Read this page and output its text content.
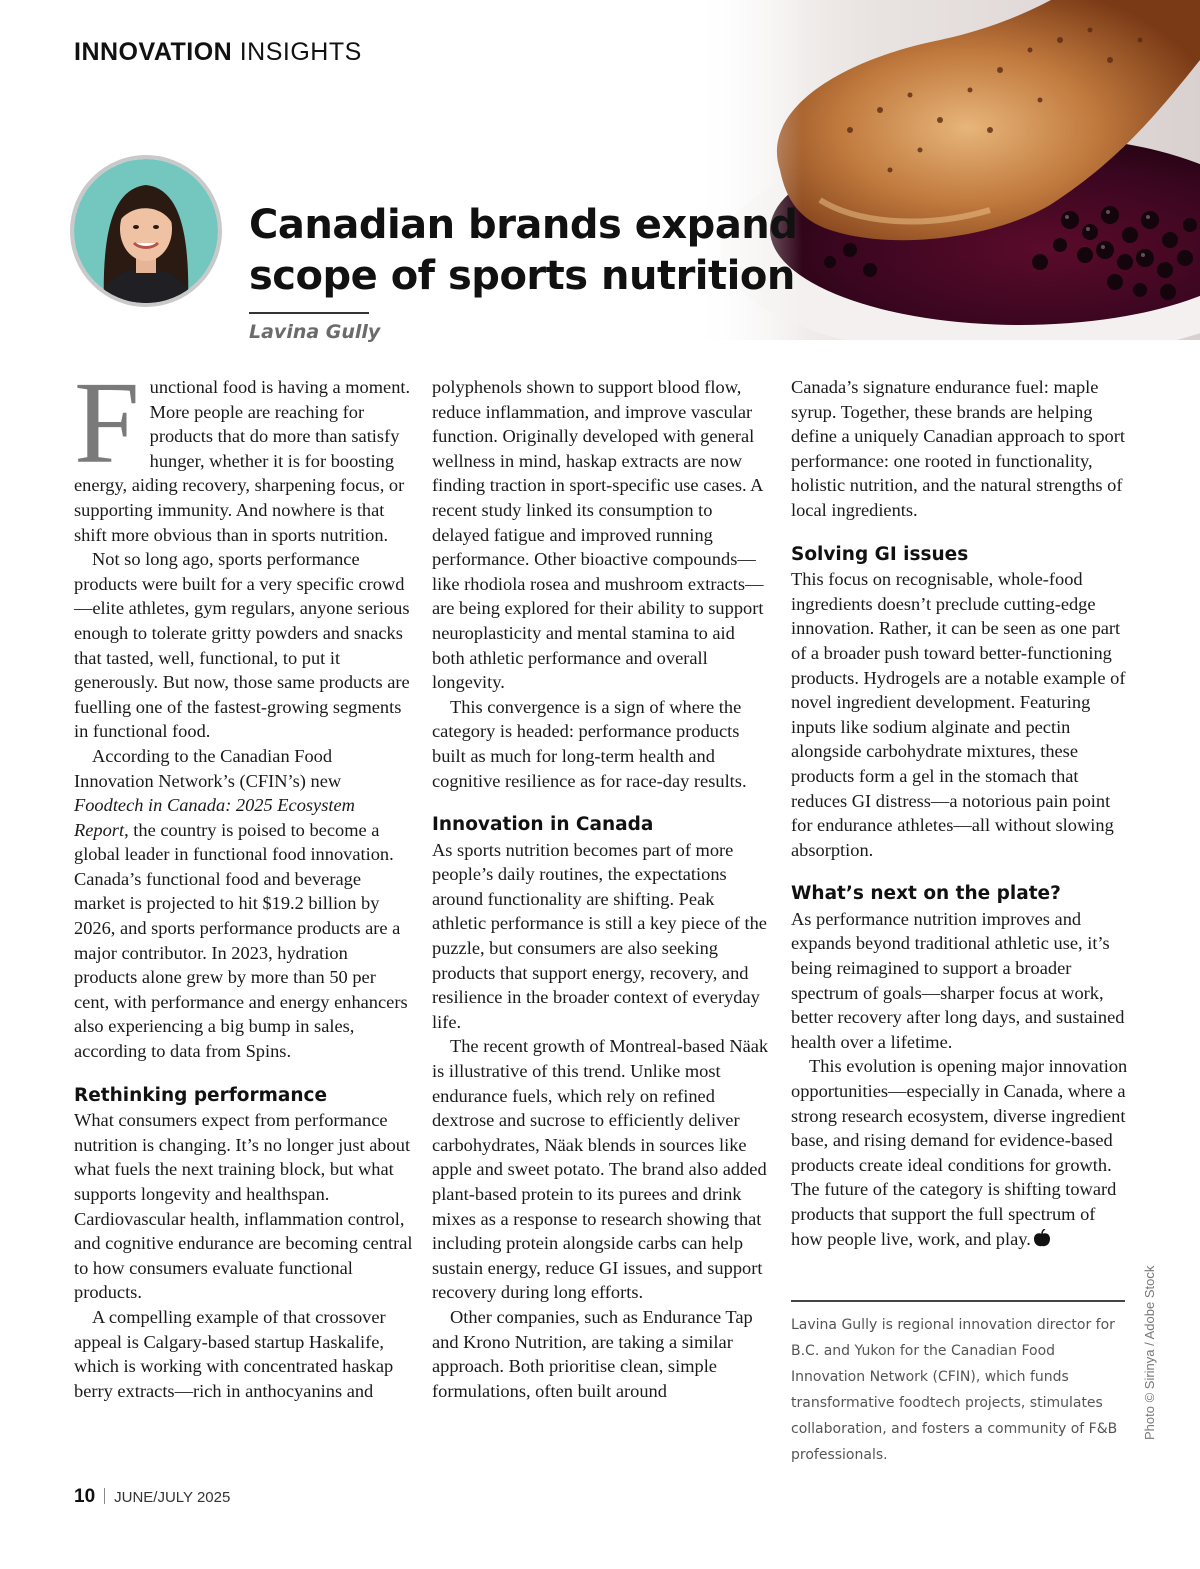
INNOVATION INSIGHTS
Canadian brands expand
scope of sports nutrition
Lavina Gully

Functional food is having a moment. More people are reaching for products that do more than satisfy hunger, whether it is for boosting energy, aiding recovery, sharpening focus, or supporting immunity. And nowhere is that shift more obvious than in sports nutrition.

Not so long ago, sports performance products were built for a very specific crowd—elite athletes, gym regulars, anyone serious enough to tolerate gritty powders and snacks that tasted, well, functional, to put it generously. But now, those same products are fuelling one of the fastest-growing segments in functional food.

According to the Canadian Food Innovation Network’s (CFIN’s) new Foodtech in Canada: 2025 Ecosystem Report, the country is poised to become a global leader in functional food innovation. Canada’s functional food and beverage market is projected to hit $19.2 billion by 2026, and sports performance products are a major contributor. In 2023, hydration products alone grew by more than 50 per cent, with performance and energy enhancers also experiencing a big bump in sales, according to data from Spins.

Rethinking performance

What consumers expect from performance nutrition is changing. It’s no longer just about what fuels the next training block, but what supports longevity and healthspan. Cardiovascular health, inflammation control, and cognitive endurance are becoming central to how consumers evaluate functional products.

A compelling example of that crossover appeal is Calgary-based startup Haskalife, which is working with concentrated haskap berry extracts—rich in anthocyanins and

polyphenols shown to support blood flow, reduce inflammation, and improve vascular function. Originally developed with general wellness in mind, haskap extracts are now finding traction in sport-specific use cases. A recent study linked its consumption to delayed fatigue and improved running performance. Other bioactive compounds—like rhodiola rosea and mushroom extracts—are being explored for their ability to support neuroplasticity and mental stamina to aid both athletic performance and overall longevity.

This convergence is a sign of where the category is headed: performance products built as much for long-term health and cognitive resilience as for race-day results.

Innovation in Canada

As sports nutrition becomes part of more people’s daily routines, the expectations around functionality are shifting. Peak athletic performance is still a key piece of the puzzle, but consumers are also seeking products that support energy, recovery, and resilience in the broader context of everyday life.

The recent growth of Montreal-based Näak is illustrative of this trend. Unlike most endurance fuels, which rely on refined dextrose and sucrose to efficiently deliver carbohydrates, Näak blends in sources like apple and sweet potato. The brand also added plant-based protein to its purees and drink mixes as a response to research showing that including protein alongside carbs can help sustain energy, reduce GI issues, and support recovery during long efforts.

Other companies, such as Endurance Tap and Krono Nutrition, are taking a similar approach. Both prioritise clean, simple formulations, often built around

Canada’s signature endurance fuel: maple syrup. Together, these brands are helping define a uniquely Canadian approach to sport performance: one rooted in functionality, holistic nutrition, and the natural strengths of local ingredients.

Solving GI issues

This focus on recognisable, whole-food ingredients doesn’t preclude cutting-edge innovation. Rather, it can be seen as one part of a broader push toward better-functioning products. Hydrogels are a notable example of novel ingredient development. Featuring inputs like sodium alginate and pectin alongside carbohydrate mixtures, these products form a gel in the stomach that reduces GI distress—a notorious pain point for endurance athletes—all without slowing absorption.

What’s next on the plate?

As performance nutrition improves and expands beyond traditional athletic use, it’s being reimagined to support a broader spectrum of goals—sharper focus at work, better recovery after long days, and sustained health over a lifetime.

This evolution is opening major innovation opportunities—especially in Canada, where a strong research ecosystem, diverse ingredient base, and rising demand for evidence-based products create ideal conditions for growth. The future of the category is shifting toward products that support the full spectrum of how people live, work, and play.

Lavina Gully is regional innovation director for B.C. and Yukon for the Canadian Food Innovation Network (CFIN), which funds transformative foodtech projects, stimulates collaboration, and fosters a community of F&B professionals.

Photo © Sirinya / Adobe Stock
10 JUNE/JULY 2025
